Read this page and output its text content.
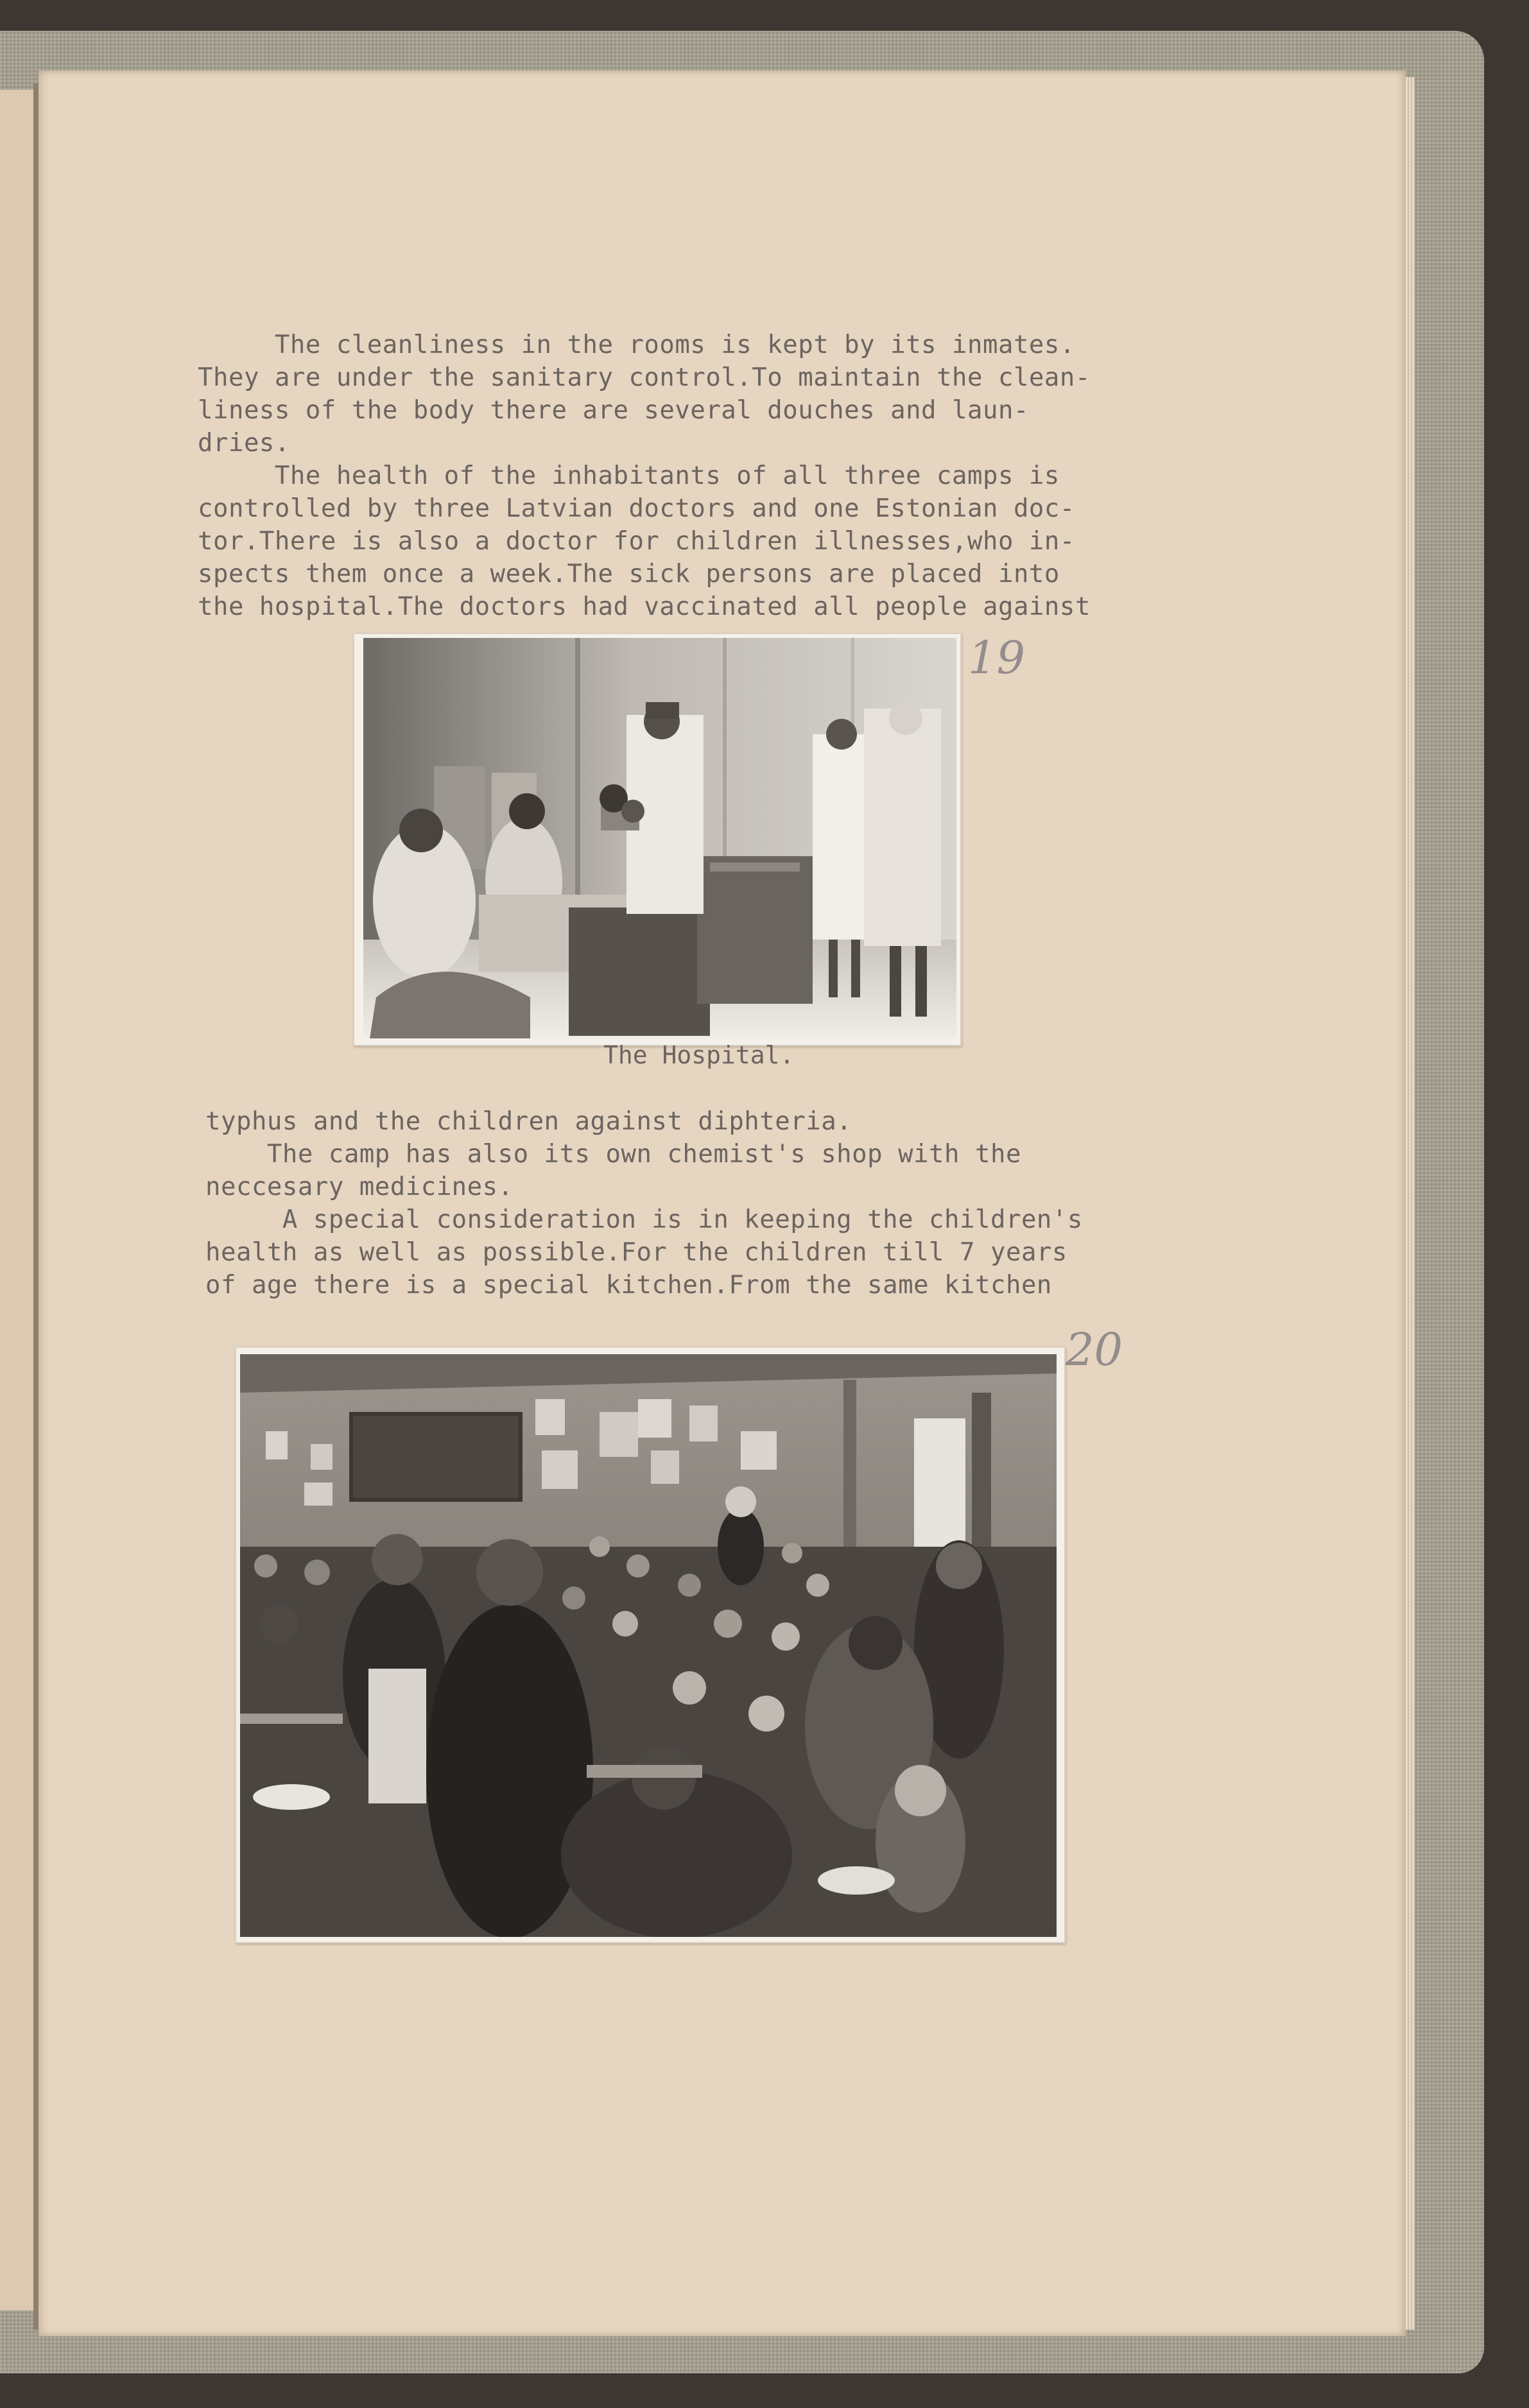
The cleanliness in the rooms is kept by its inmates.
They are under the sanitary control.To maintain the clean-
liness of the body there are several douches and laun-
dries.
The health of the inhabitants of all three camps is
controlled by three Latvian doctors and one Estonian doc-
tor.There is also a doctor for children illnesses,who in-
spects them once a week.The sick persons are placed into
the hospital.The doctors had vaccinated all people against
The Hospital.
19
typhus and the children against diphteria.
The camp has also its own chemist's shop with the
neccesary medicines.
A special consideration is in keeping the children's
health as well as possible.For the children till 7 years
of age there is a special kitchen.From the same kitchen
20
